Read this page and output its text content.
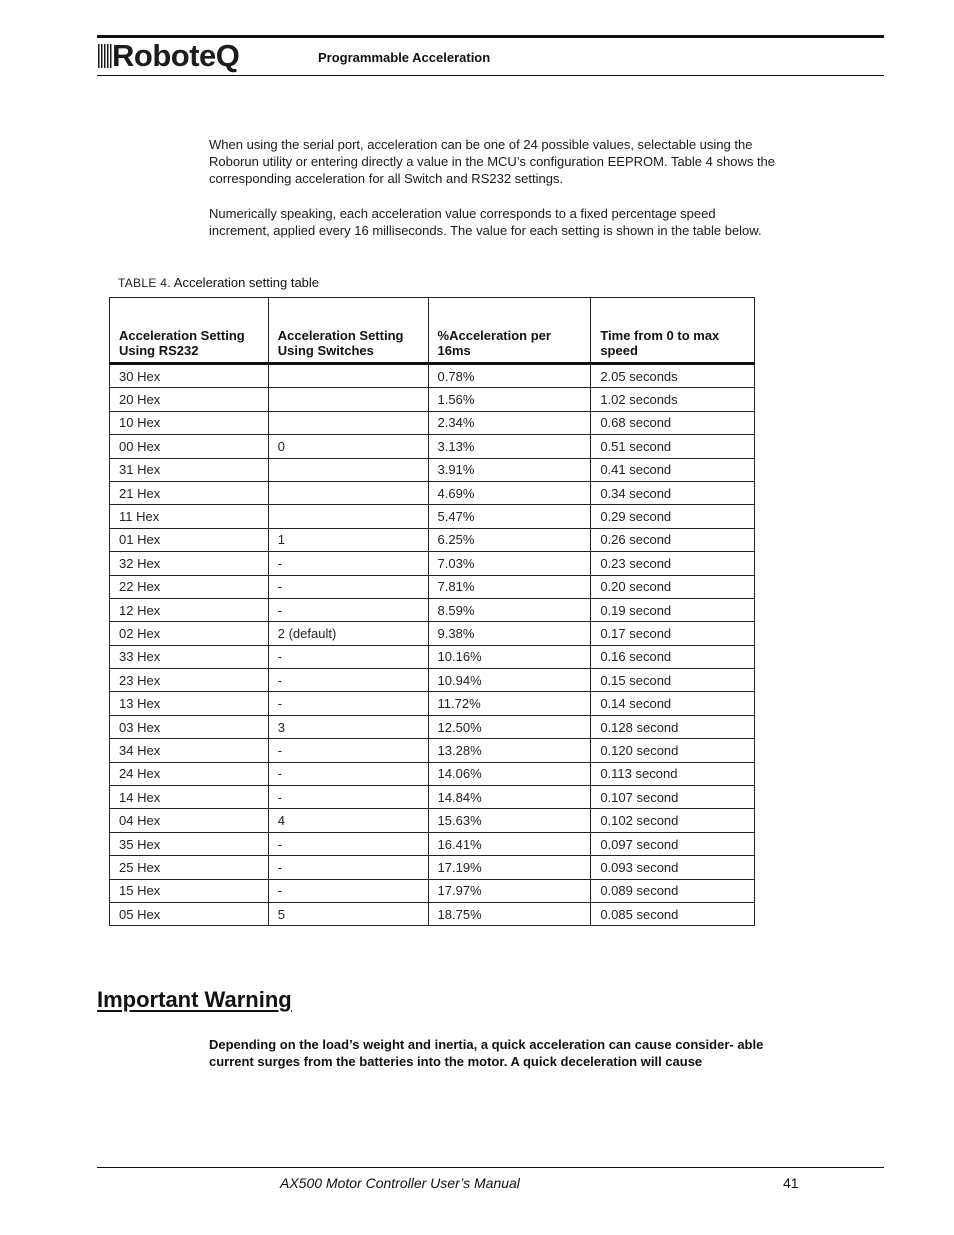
RoboteQ	Programmable Acceleration
When using the serial port, acceleration can be one of 24 possible values, selectable using the Roborun utility or entering directly a value in the MCU’s configuration EEPROM. Table 4 shows the corresponding acceleration for all Switch and RS232 settings.
Numerically speaking, each acceleration value corresponds to a fixed percentage speed increment, applied every 16 milliseconds. The value for each setting is shown in the table below.
TABLE 4. Acceleration setting table
Acceleration Setting Using RS232	Acceleration Setting Using Switches	%Acceleration per 16ms	Time from 0 to max speed
30 Hex		0.78%	2.05 seconds
20 Hex		1.56%	1.02 seconds
10 Hex		2.34%	0.68 second
00 Hex	0	3.13%	0.51 second
31 Hex		3.91%	0.41 second
21 Hex		4.69%	0.34 second
11 Hex		5.47%	0.29 second
01 Hex	1	6.25%	0.26 second
32 Hex	-	7.03%	0.23 second
22 Hex	-	7.81%	0.20 second
12 Hex	-	8.59%	0.19 second
02 Hex	2 (default)	9.38%	0.17 second
33 Hex	-	10.16%	0.16 second
23 Hex	-	10.94%	0.15 second
13 Hex	-	11.72%	0.14 second
03 Hex	3	12.50%	0.128 second
34 Hex	-	13.28%	0.120 second
24 Hex	-	14.06%	0.113 second
14 Hex	-	14.84%	0.107 second
04 Hex	4	15.63%	0.102 second
35 Hex	-	16.41%	0.097 second
25 Hex	-	17.19%	0.093 second
15 Hex	-	17.97%	0.089 second
05 Hex	5	18.75%	0.085 second
Important Warning
Depending on the load’s weight and inertia, a quick acceleration can cause consider- able current surges from the batteries into the motor. A quick deceleration will cause
AX500 Motor Controller User’s Manual	41
